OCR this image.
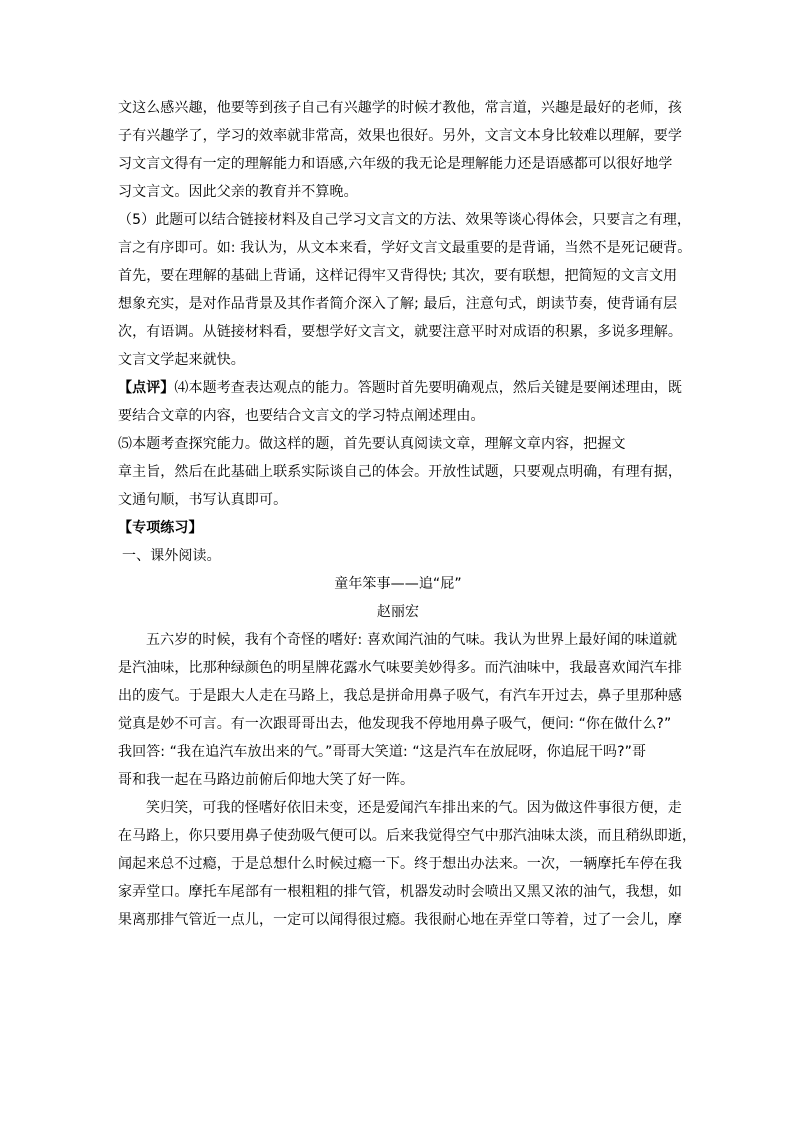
文这么感兴趣，他要等到孩子自己有兴趣学的时候才教他，常言道，兴趣是最好的老师，孩
子有兴趣学了，学习的效率就非常高，效果也很好。另外，文言文本身比较难以理解，要学
习文言文得有一定的理解能力和语感,六年级的我无论是理解能力还是语感都可以很好地学
习文言文。因此父亲的教育并不算晚。
（5）此题可以结合链接材料及自己学习文言文的方法、效果等谈心得体会，只要言之有理，
言之有序即可。如: 我认为，从文本来看，学好文言文最重要的是背诵，当然不是死记硬背。
首先，要在理解的基础上背诵，这样记得牢又背得快; 其次，要有联想，把简短的文言文用
想象充实，是对作品背景及其作者简介深入了解; 最后，注意句式，朗读节奏，使背诵有层
次，有语调。从链接材料看，要想学好文言文，就要注意平时对成语的积累，多说多理解。
文言文学起来就快。
【点评】⑷本题考查表达观点的能力。答题时首先要明确观点，然后关键是要阐述理由，既
要结合文章的内容，也要结合文言文的学习特点阐述理由。
⑸本题考查探究能力。做这样的题，首先要认真阅读文章，理解文章内容，把握文
章主旨，然后在此基础上联系实际谈自己的体会。开放性试题，只要观点明确，有理有据，
文通句顺，书写认真即可。
【专项练习】
一、课外阅读。
童年笨事——追“屁”
赵丽宏
五六岁的时候，我有个奇怪的嗜好: 喜欢闻汽油的气味。我认为世界上最好闻的味道就
是汽油味，比那种绿颜色的明星牌花露水气味要美妙得多。而汽油味中，我最喜欢闻汽车排
出的废气。于是跟大人走在马路上，我总是拼命用鼻子吸气，有汽车开过去，鼻子里那种感
觉真是妙不可言。有一次跟哥哥出去，他发现我不停地用鼻子吸气，便问: “你在做什么?”
我回答: “我在追汽车放出来的气。”哥哥大笑道: “这是汽车在放屁呀，你追屁干吗?”哥
哥和我一起在马路边前俯后仰地大笑了好一阵。
笑归笑，可我的怪嗜好依旧未变，还是爱闻汽车排出来的气。因为做这件事很方便，走
在马路上，你只要用鼻子使劲吸气便可以。后来我觉得空气中那汽油味太淡，而且稍纵即逝，
闻起来总不过瘾，于是总想什么时候过瘾一下。终于想出办法来。一次，一辆摩托车停在我
家弄堂口。摩托车尾部有一根粗粗的排气管，机器发动时会喷出又黑又浓的油气，我想，如
果离那排气管近一点儿，一定可以闻得很过瘾。我很耐心地在弄堂口等着，过了一会儿，摩
